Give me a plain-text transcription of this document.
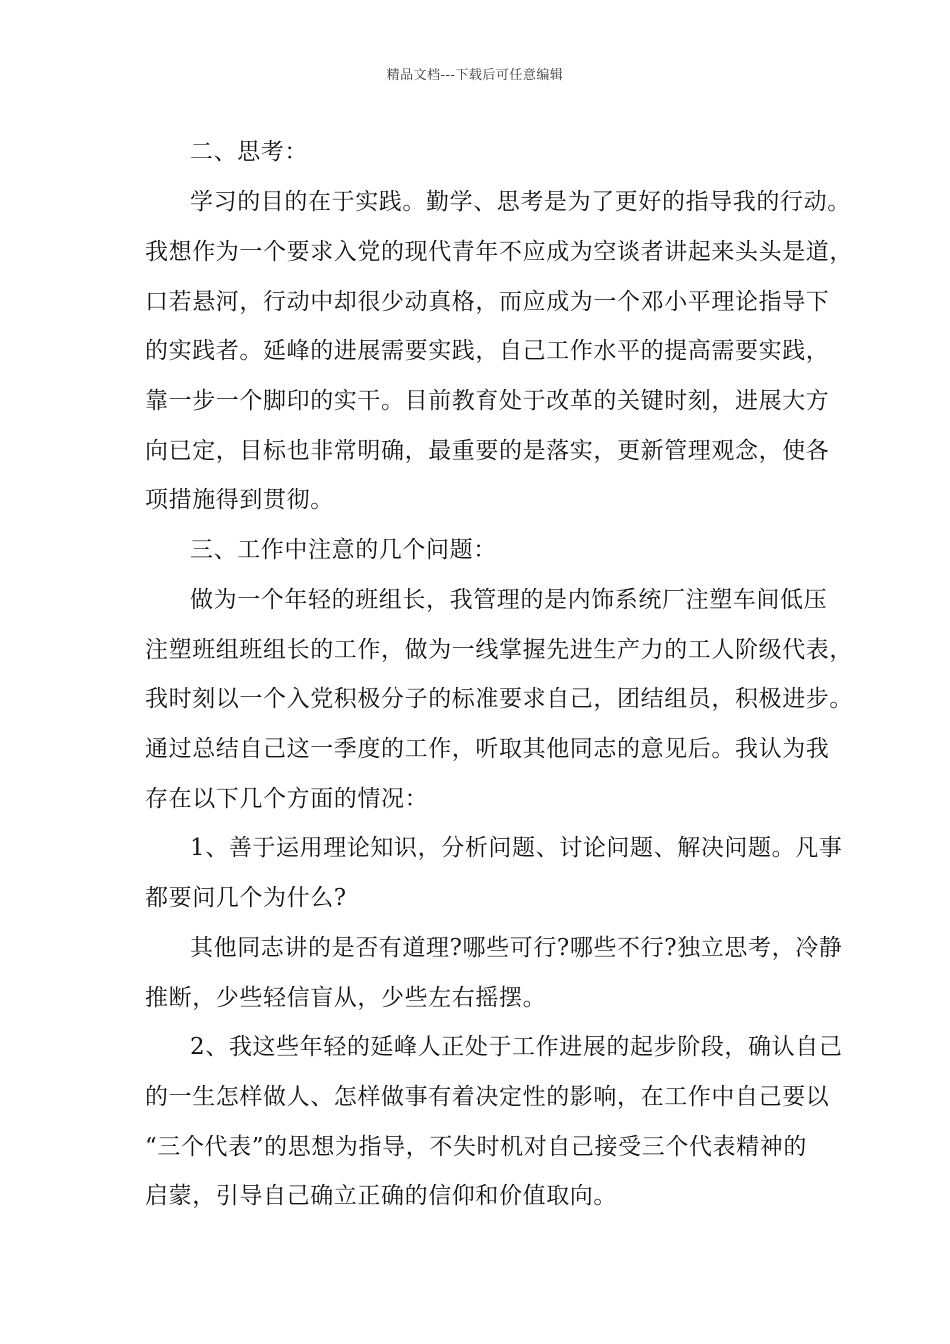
精品文档---下载后可任意编辑
二、思考：
学习的目的在于实践。勤学、思考是为了更好的指导我的行动。
我想作为一个要求入党的现代青年不应成为空谈者讲起来头头是道，
口若悬河，行动中却很少动真格，而应成为一个邓小平理论指导下
的实践者。延峰的进展需要实践，自己工作水平的提高需要实践，
靠一步一个脚印的实干。目前教育处于改革的关键时刻，进展大方
向已定，目标也非常明确，最重要的是落实，更新管理观念，使各
项措施得到贯彻。
三、工作中注意的几个问题：
做为一个年轻的班组长，我管理的是内饰系统厂注塑车间低压
注塑班组班组长的工作，做为一线掌握先进生产力的工人阶级代表，
我时刻以一个入党积极分子的标准要求自己，团结组员，积极进步。
通过总结自己这一季度的工作，听取其他同志的意见后。我认为我
存在以下几个方面的情况：
1、善于运用理论知识，分析问题、讨论问题、解决问题。凡事
都要问几个为什么?
其他同志讲的是否有道理?哪些可行?哪些不行?独立思考，冷静
推断，少些轻信盲从，少些左右摇摆。
2、我这些年轻的延峰人正处于工作进展的起步阶段，确认自己
的一生怎样做人、怎样做事有着决定性的影响，在工作中自己要以
“三个代表”的思想为指导，不失时机对自己接受三个代表精神的
启蒙，引导自己确立正确的信仰和价值取向。
